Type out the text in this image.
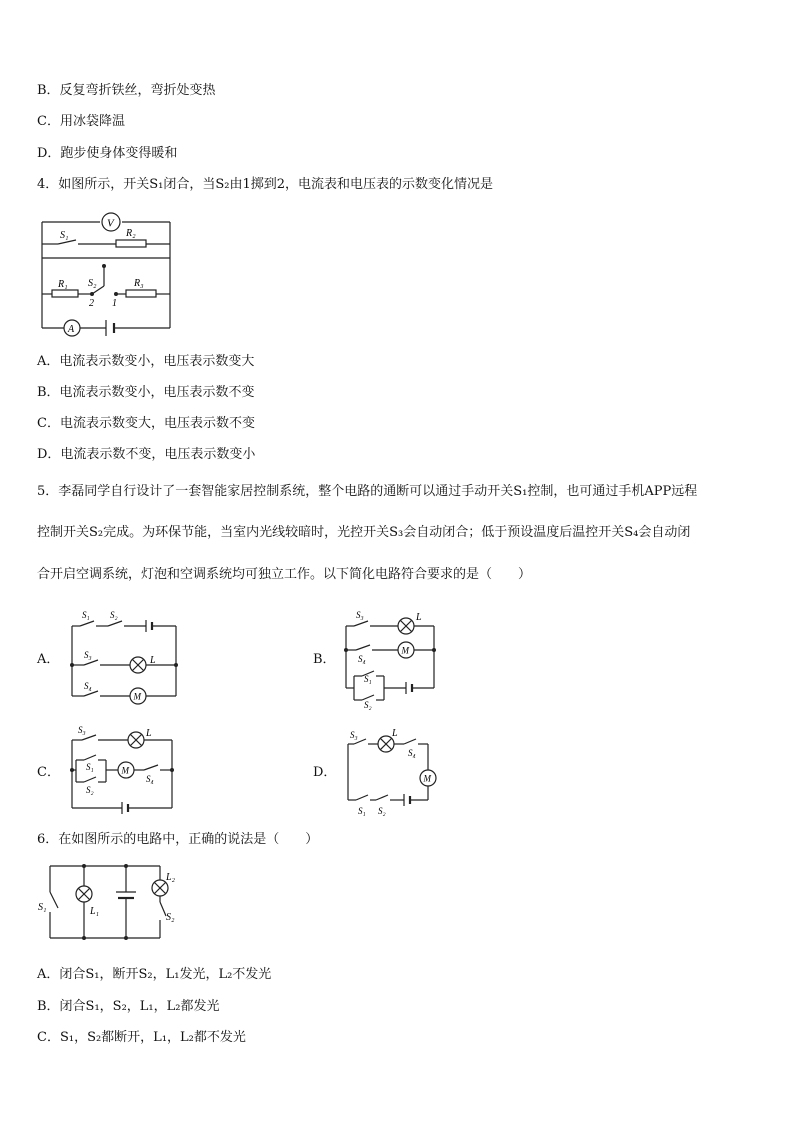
B．反复弯折铁丝，弯折处变热
C．用冰袋降温
D．跑步使身体变得暖和
4．如图所示，开关S₁闭合，当S₂由1掷到2，电流表和电压表的示数变化情况是
V
A
S₁	R₂
R₁ S₂	R₃
2 1
A．电流表示数变小，电压表示数变大
B．电流表示数变小，电压表示数不变
C．电流表示数变大，电压表示数不变
D．电流表示数不变，电压表示数变小
5．李磊同学自行设计了一套智能家居控制系统，整个电路的通断可以通过手动开关S₁控制，也可通过手机APP远程
控制开关S₂完成。为环保节能，当室内光线较暗时，光控开关S₃会自动闭合；低于预设温度后温控开关S₄会自动闭
合开启空调系统，灯泡和空调系统均可独立工作。以下简化电路符合要求的是（　　）
A．
M
L
S₁ S₂
S₃
S₄
B．
M
L
S₃
S₄
S₁
S₂
C．	M
L
S₃
S₁
S₂
S₄	D．	M
L
S₃
S₄
S₁ S₂
6．在如图所示的电路中，正确的说法是（　　）
S₁	L₁
L₂
S₂
A．闭合S₁，断开S₂，L₁发光，L₂不发光
B．闭合S₁，S₂，L₁，L₂都发光
C．S₁，S₂都断开，L₁，L₂都不发光
